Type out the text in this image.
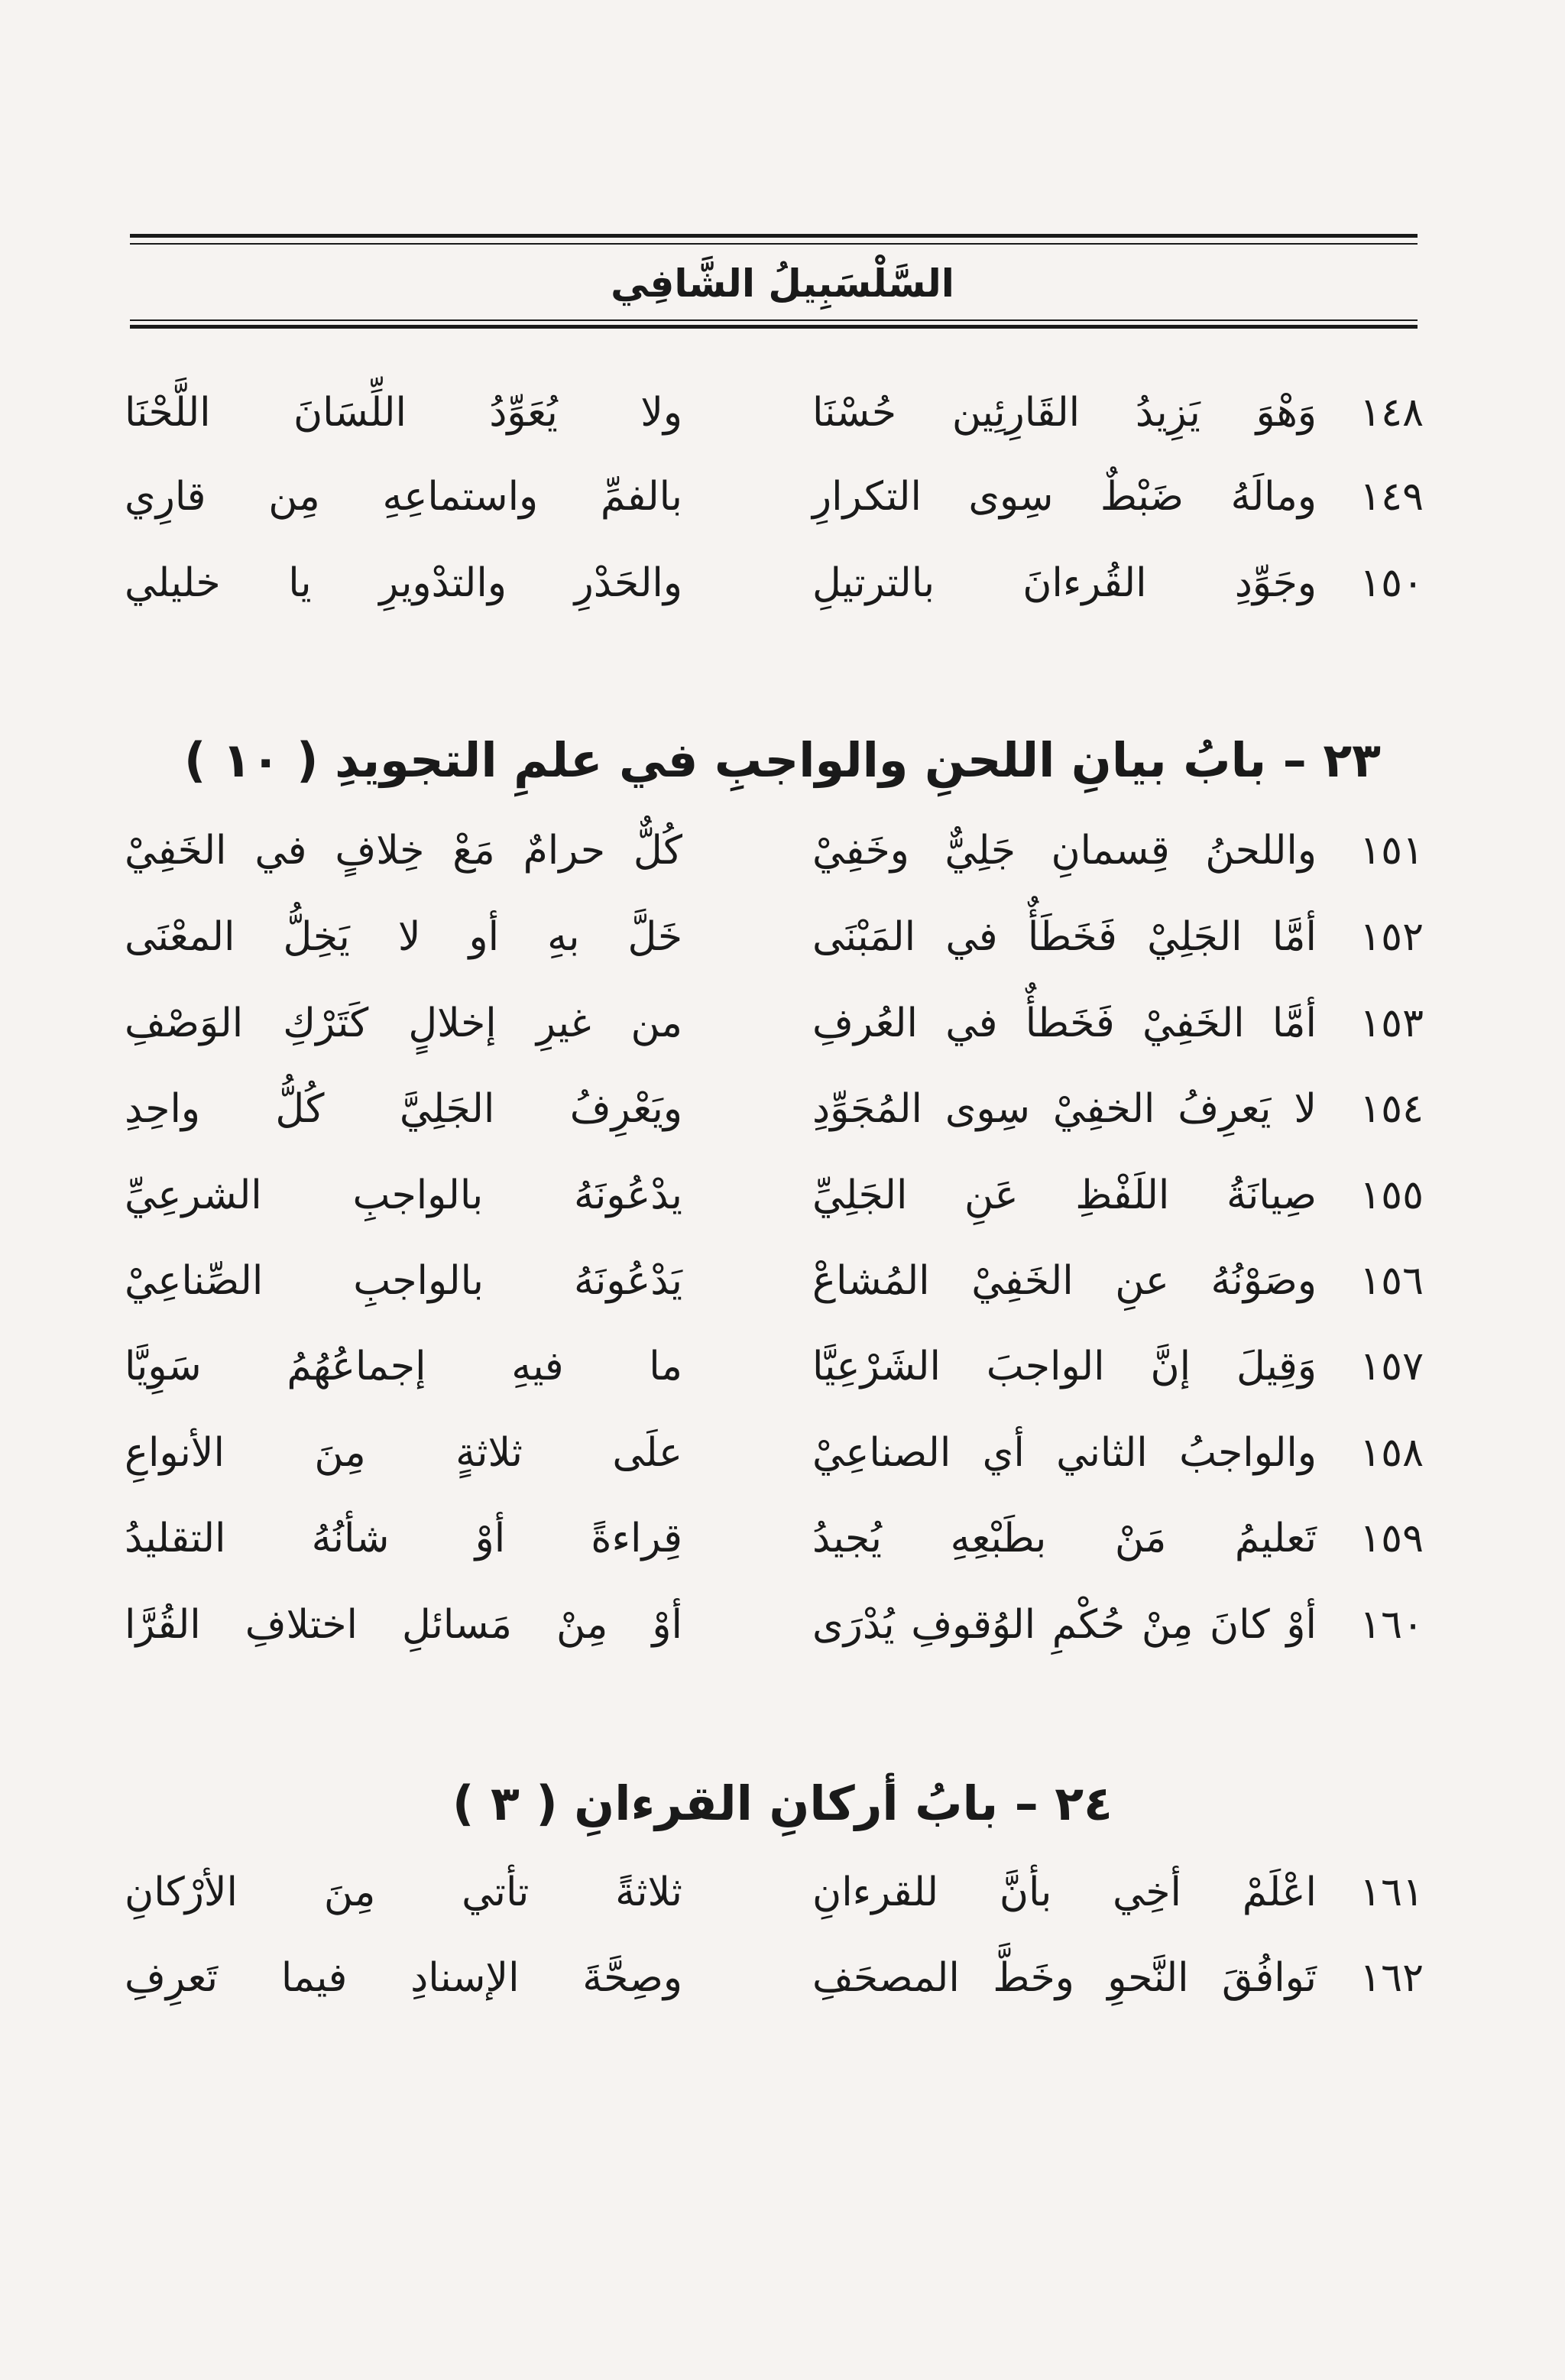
السَّلْسَبِيلُ الشَّافِي
١٤٨
وَهْوَ يَزِيدُ القَارِئِين حُسْنَا
ولا يُعَوِّدُ اللِّسَانَ اللَّحْنَا
١٤٩
ومالَهُ ضَبْطٌ سِوى التكرارِ
بالفمِّ واستماعِهِ مِن قارِي
١٥٠
وجَوِّدِ القُرءانَ بالترتيلِ
والحَدْرِ والتدْويرِ يا خليلي
٢٣ – بابُ بيانِ اللحنِ والواجبِ في علمِ التجويدِ ( ١٠ )
١٥١
واللحنُ قِسمانِ جَلِيٌّ وخَفِيْ
كُلٌّ حرامٌ مَعْ خِلافٍ في الخَفِيْ
١٥٢
أمَّا الجَلِيْ فَخَطَأٌ في المَبْنَى
خَلَّ بهِ أو لا يَخِلُّ المعْنَى
١٥٣
أمَّا الخَفِيْ فَخَطأٌ في العُرفِ
من غيرِ إخلالٍ كَتَرْكِ الوَصْفِ
١٥٤
لا يَعرِفُ الخفِيْ سِوى المُجَوِّدِ
ويَعْرِفُ الجَلِيَّ كُلُّ واحِدِ
١٥٥
صِيانَةُ اللَفْظِ عَنِ الجَلِيِّ
يدْعُونَهُ بالواجبِ الشرعِيِّ
١٥٦
وصَوْنُهُ عنِ الخَفِيْ المُشاعْ
يَدْعُونَهُ بالواجبِ الصِّناعِيْ
١٥٧
وَقِيلَ إنَّ الواجبَ الشَرْعِيَّا
ما فيهِ إجماعُهُمُ سَوِيَّا
١٥٨
والواجبُ الثاني أي الصناعِيْ
علَى ثلاثةٍ مِنَ الأنواعِ
١٥٩
تَعليمُ مَنْ بطَبْعِهِ يُجيدُ
قِراءةً أوْ شأنُهُ التقليدُ
١٦٠
أوْ كانَ مِنْ حُكْمِ الوُقوفِ يُدْرَى
أوْ مِنْ مَسائلِ اختلافِ القُرَّا
٢٤ – بابُ أركانِ القرءانِ ( ٣ )
١٦١
اعْلَمْ أخِي بأنَّ للقرءانِ
ثلاثةً تأتي مِنَ الأرْكانِ
١٦٢
تَوافُقَ النَّحوِ وخَطَّ المصحَفِ
وصِحَّةَ الإسنادِ فيما تَعرِفِ
